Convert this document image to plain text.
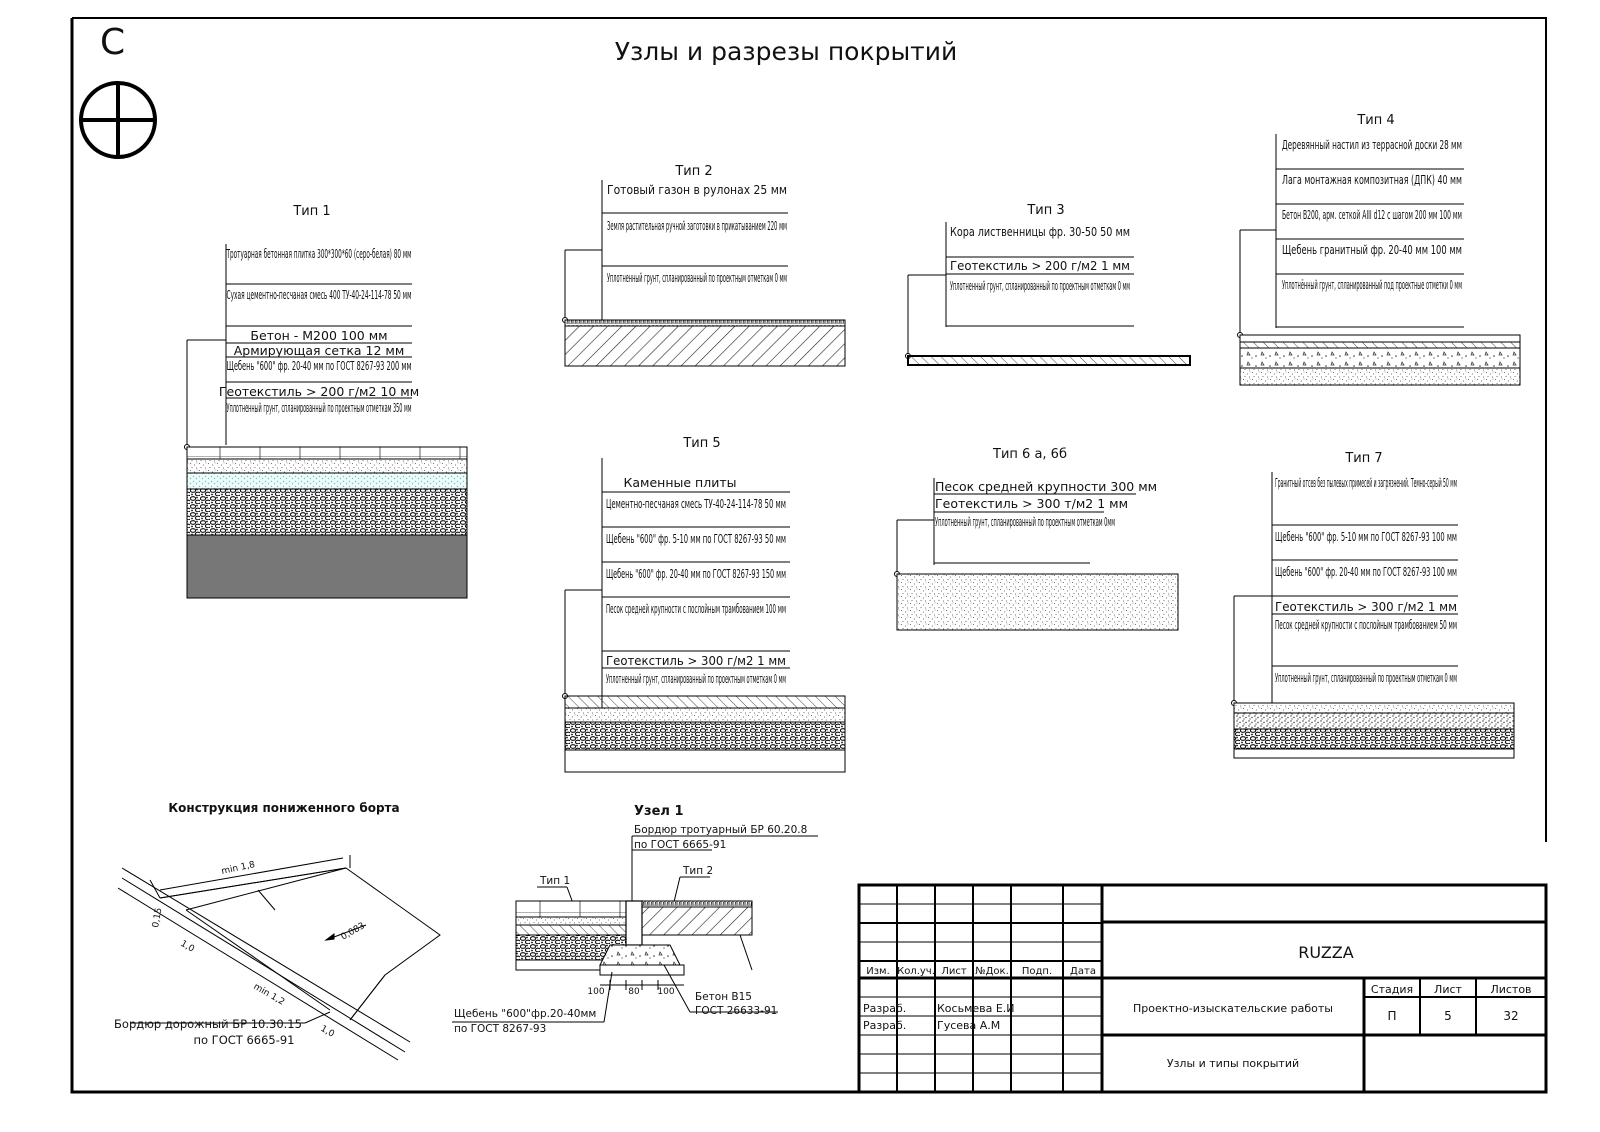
С	Узлы и разрезы покрытий
Тип 1
Тротуарная бетонная плитка 300*300*60 (серо-белая) 80 мм
Сухая цементно-песчаная смесь 400 ТУ-40-24-114-78 50 мм
Бетон - М200 100 мм
Армирующая сетка 12 мм
Щебень "600" фр. 20-40 мм по ГОСТ 8267-93 200 мм
Геотекстиль > 200 г/м2 10 мм
Уплотненный грунт, спланированный по проектным отметкам 350 мм
Тип 2
Готовый газон в рулонах 25 мм
Земля растительная ручной заготовки в прикатыванием 220 мм
Уплотненный грунт, спланированный по проектным отметкам 0 мм
Тип 3
Кора лиственницы фр. 30-50 50 мм
Геотекстиль > 200 г/м2 1 мм
Уплотненный грунт, спланированный по проектным отметкам 0 мм
Тип 4
Деревянный настил из террасной доски 28 мм
Лага монтажная композитная (ДПК) 40 мм
Бетон В200, арм. сеткой AIII d12 с шагом 200 мм 100 мм
Щебень гранитный фр. 20-40 мм 100 мм
Уплотнённый грунт, спланированный под проектные отметки 0 мм
Тип 5
Каменные плиты
Цементно-песчаная смесь ТУ-40-24-114-78 50 мм
Щебень "600" фр. 5-10 мм по ГОСТ 8267-93 50 мм
Щебень "600" фр. 20-40 мм по ГОСТ 8267-93 150 мм
Песок средней крупности с послойным трамбованием 100 мм
Геотекстиль > 300 г/м2 1 мм
Уплотненный грунт, спланированный по проектным отметкам 0 мм
Тип 6 а, 6б
Песок средней крупности 300 мм
Геотекстиль > 300 т/м2 1 мм
Уплотненный грунт, спланированный по проектным отметкам 0мм
Тип 7
Гранитный отсев без пылевых примесей и загрязнений. Темно-серый 50 мм
Щебень "600" фр. 5-10 мм по ГОСТ 8267-93 100 мм
Щебень "600" фр. 20-40 мм по ГОСТ 8267-93 100 мм
Геотекстиль > 300 г/м2 1 мм
Песок средней крупности с послойным трамбованием 50 мм
Уплотненный грунт, спланированный по проектным отметкам 0 мм
Конструкция пониженного борта
min 1,8
0,15
1,0
0,083
min 1,2
1,0
Бордюр дорожный БР 10.30.15
по ГОСТ 6665-91
Узел 1
Бордюр тротуарный БР 60.20.8
по ГОСТ 6665-91
Тип 1
Тип 2
100	80 100
Щебень "600"фр.20-40мм
по ГОСТ 8267-93
Бетон В15
ГОСТ 26633-91
Изм. Кол.уч. Лист №Док. Подп. Дата
Разраб.	Косьмева Е.И
Разраб.	Гусева А.М
RUZZA
Проектно-изыскательские работы
Узлы и типы покрытий
Стадия Лист	Листов
П	5	32
